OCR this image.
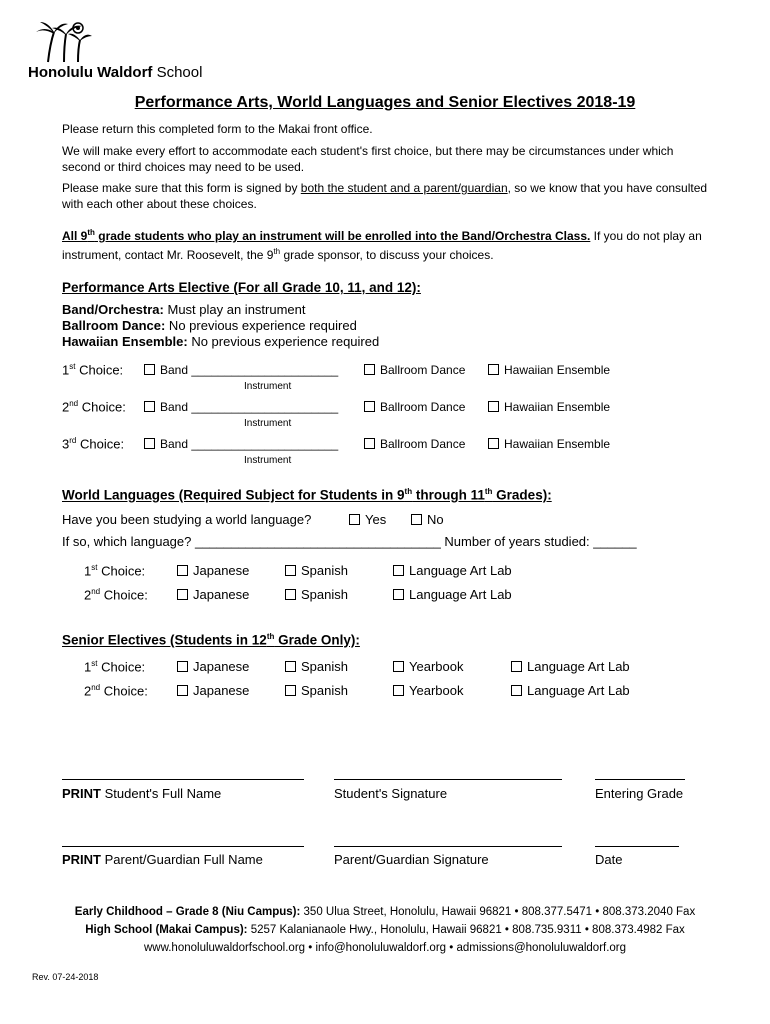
Honolulu Waldorf School
Performance Arts, World Languages and Senior Electives 2018-19
Please return this completed form to the Makai front office.
We will make every effort to accommodate each student's first choice, but there may be circumstances under which second or third choices may need to be used.
Please make sure that this form is signed by both the student and a parent/guardian, so we know that you have consulted with each other about these choices.
All 9th grade students who play an instrument will be enrolled into the Band/Orchestra Class. If you do not play an instrument, contact Mr. Roosevelt, the 9th grade sponsor, to discuss your choices.
Performance Arts Elective (For all Grade 10, 11, and 12):
Band/Orchestra: Must play an instrument
Ballroom Dance: No previous experience required
Hawaiian Ensemble: No previous experience required
1st Choice:	Band ______________________	Ballroom Dance	Hawaiian Ensemble
Instrument
2nd Choice:	Band ______________________	Ballroom Dance	Hawaiian Ensemble
Instrument
3rd Choice:	Band ______________________	Ballroom Dance	Hawaiian Ensemble
Instrument
World Languages (Required Subject for Students in 9th through 11th Grades):
Have you been studying a world language?	Yes	No
If so, which language? __________________________________ Number of years studied: ______
1st Choice:	Japanese	Spanish	Language Art Lab
2nd Choice:	Japanese	Spanish	Language Art Lab
Senior Electives (Students in 12th Grade Only):
1st Choice:	Japanese	Spanish	Yearbook	Language Art Lab
2nd Choice:	Japanese	Spanish	Yearbook	Language Art Lab
PRINT Student's Full Name	Student's Signature	Entering Grade
PRINT Parent/Guardian Full Name	Parent/Guardian Signature	Date
Early Childhood – Grade 8 (Niu Campus): 350 Ulua Street, Honolulu, Hawaii 96821 • 808.377.5471 • 808.373.2040 Fax
High School (Makai Campus): 5257 Kalanianaole Hwy., Honolulu, Hawaii 96821 • 808.735.9311 • 808.373.4982 Fax
www.honoluluwaldorfschool.org • info@honoluluwaldorf.org • admissions@honoluluwaldorf.org
Rev. 07-24-2018
